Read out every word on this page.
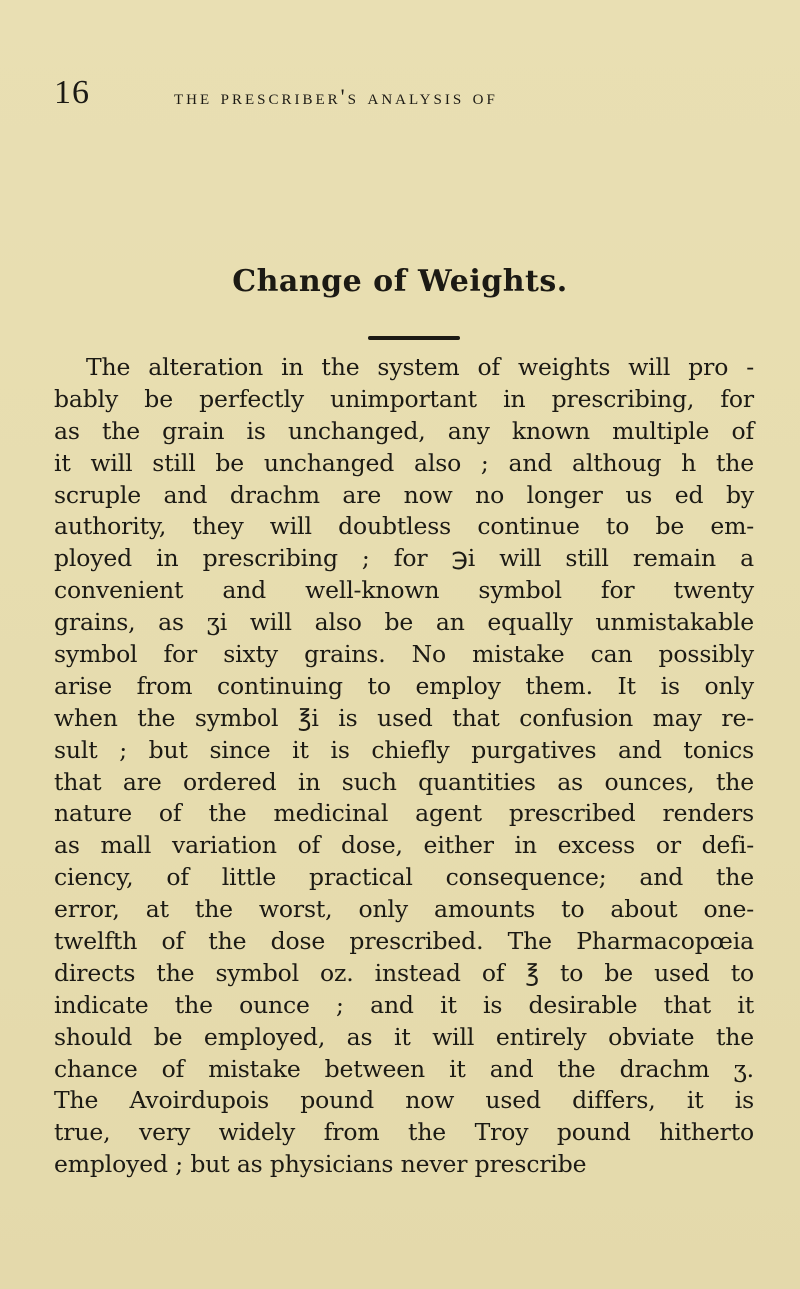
16	the prescriber's analysis of
Change of Weights.
The alteration in the system of weights will pro -
bably be perfectly unimportant in prescribing, for
as the grain is unchanged, any known multiple of
it will still be unchanged also ; and althoug h the
scruple and drachm are now no longer us ed by
authority, they will doubtless continue to be em-
ployed in prescribing ; for ℈i will still remain a
convenient and well-known symbol for twenty
grains, as ʒi will also be an equally unmistakable
symbol for sixty grains. No mistake can possibly
arise from continuing to employ them. It is only
when the symbol ℥i is used that confusion may re-
sult ; but since it is chiefly purgatives and tonics
that are ordered in such quantities as ounces, the
nature of the medicinal agent prescribed renders
as mall variation of dose, either in excess or defi-
ciency, of little practical consequence; and the
error, at the worst, only amounts to about one-
twelfth of the dose prescribed. The Pharmacopœia
directs the symbol oz. instead of ℥ to be used to
indicate the ounce ; and it is desirable that it
should be employed, as it will entirely obviate the
chance of mistake between it and the drachm ʒ.
The Avoirdupois pound now used differs, it is
true, very widely from the Troy pound hitherto
employed ; but as physicians never prescribe
